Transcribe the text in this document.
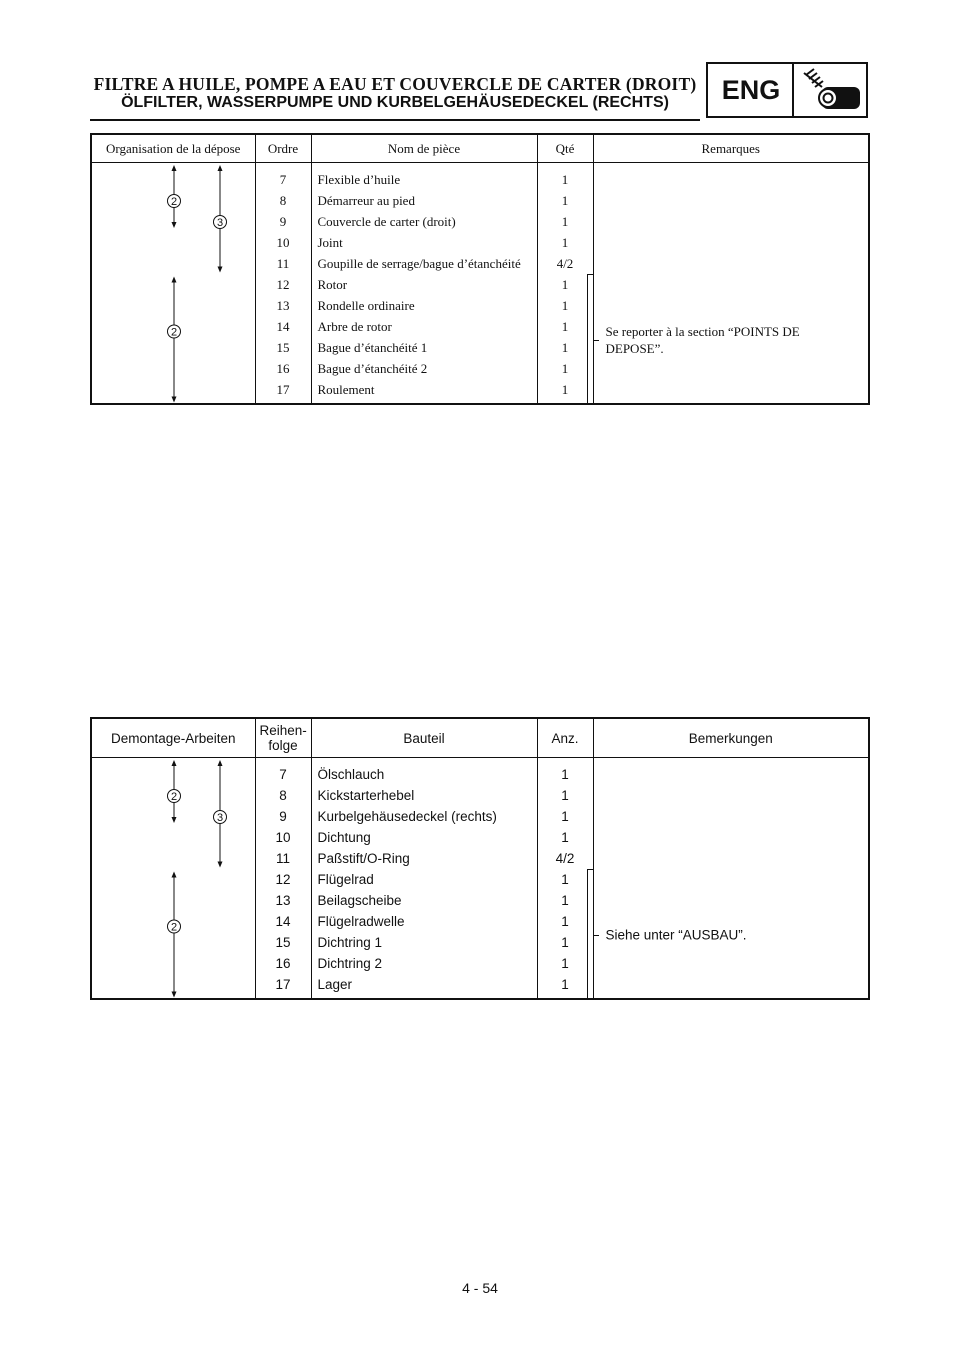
FILTRE A HUILE, POMPE A EAU ET COUVERCLE DE CARTER (DROIT)
ÖLFILTER, WASSERPUMPE UND KURBELGEHÄUSEDECKEL (RECHTS)	ENG
Organisation de la dépose	Ordre	Nom de pièce	Qté	Remarques

2
3
2	7	Flexible d’huile	1	Se reporter à la section “POINTS DE DEPOSE”.

	8	Démarreur au pied	1	
	9	Couvercle de carter (droit)	1	
	10	Joint	1	
	11	Goupille de serrage/bague d’étanchéité	4/2	
	12	Rotor	1	
	13	Rondelle ordinaire	1	
	14	Arbre de rotor	1	
	15	Bague d’étanchéité 1	1	
	16	Bague d’étanchéité 2	1	
	17	Roulement	1	
Demontage-Arbeiten	Reihen-
folge	Bauteil	Anz.	Bemerkungen

2
3
2	7	Ölschlauch	1	Siehe unter “AUSBAU”.

	8	Kickstarterhebel	1	
	9	Kurbelgehäusedeckel (rechts)	1	
	10	Dichtung	1	
	11	Paßstift/O-Ring	4/2	
	12	Flügelrad	1	
	13	Beilagscheibe	1	
	14	Flügelradwelle	1	
	15	Dichtring 1	1	
	16	Dichtring 2	1	
	17	Lager	1	
4 - 54
